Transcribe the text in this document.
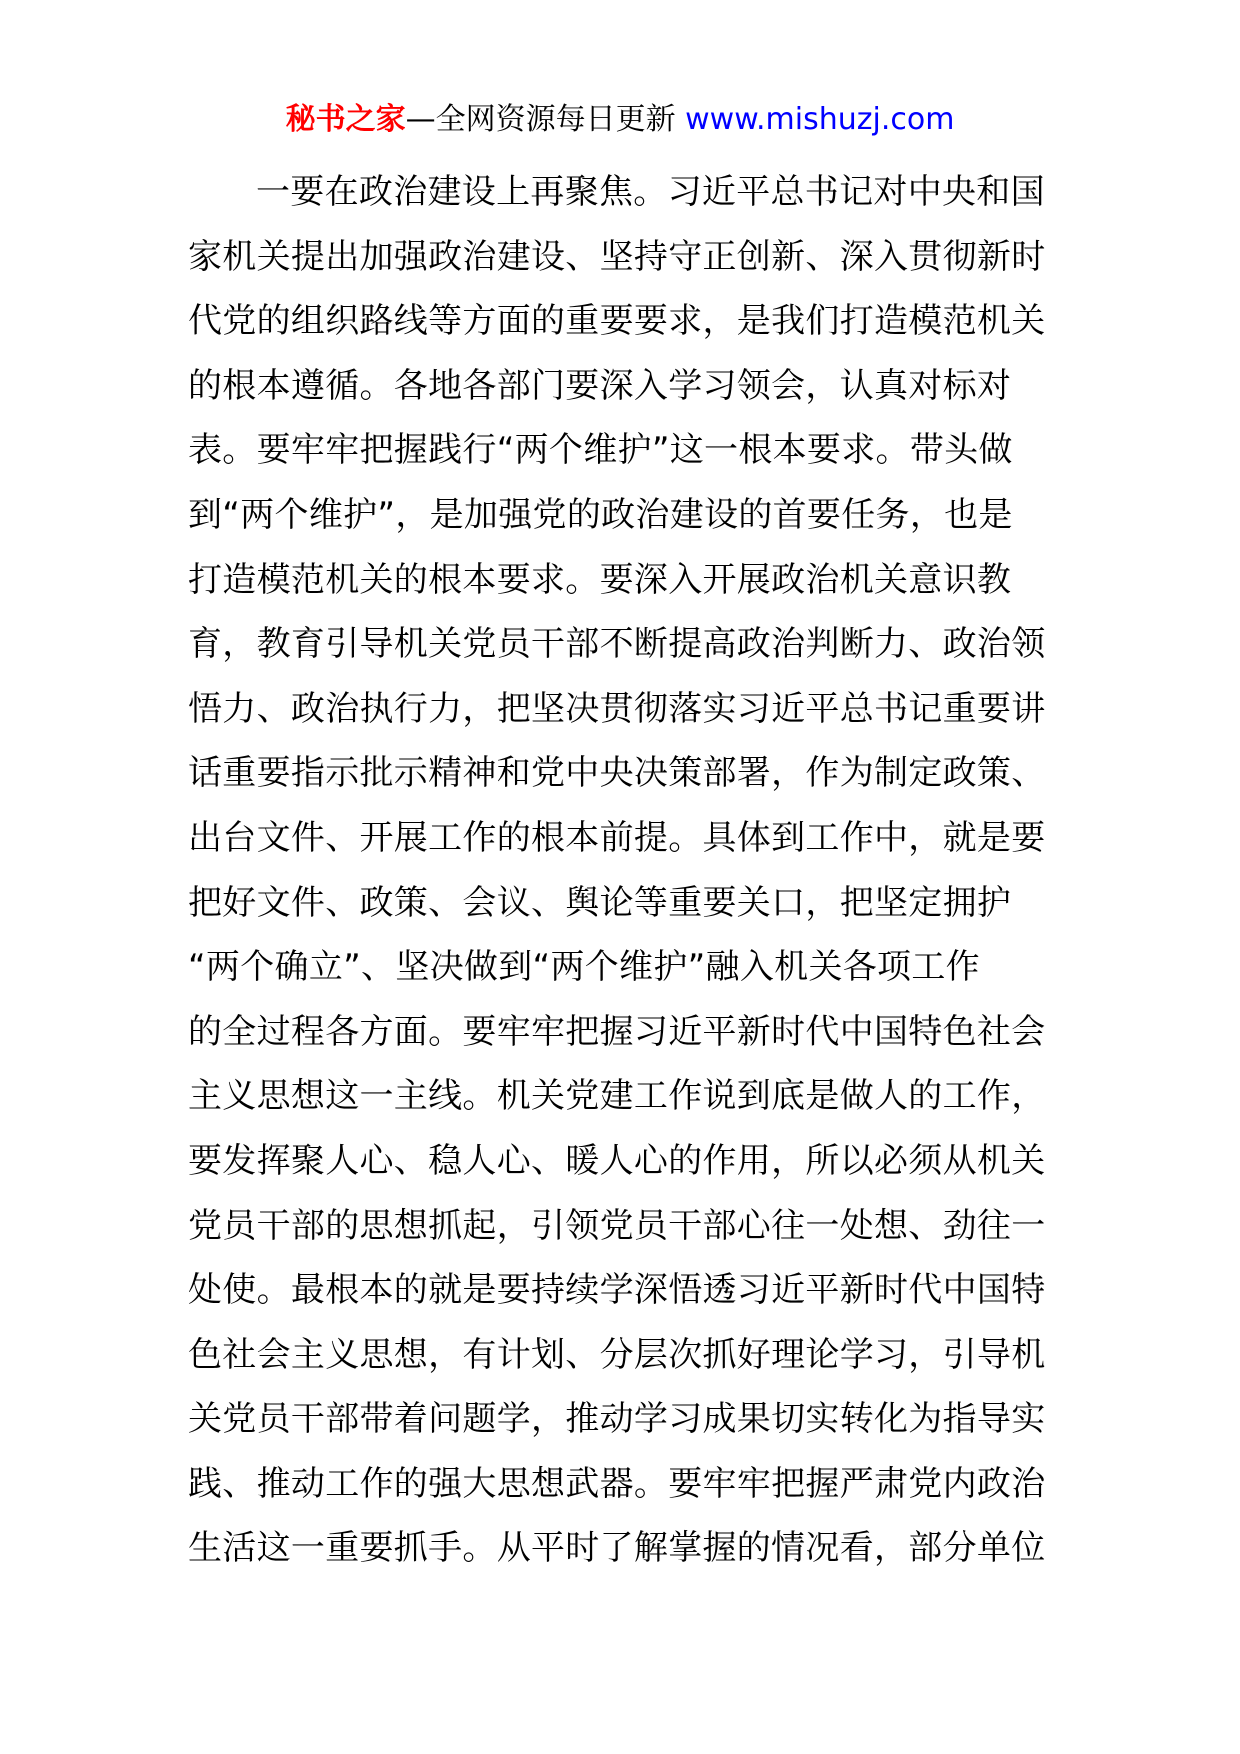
秘书之家—全网资源每日更新 www.mishuzj.com
一要在政治建设上再聚焦。习近平总书记对中央和国
家机关提出加强政治建设、坚持守正创新、深入贯彻新时
代党的组织路线等方面的重要要求，是我们打造模范机关
的根本遵循。各地各部门要深入学习领会，认真对标对
表。要牢牢把握践行“两个维护”这一根本要求。带头做
到“两个维护”，是加强党的政治建设的首要任务，也是
打造模范机关的根本要求。要深入开展政治机关意识教
育，教育引导机关党员干部不断提高政治判断力、政治领
悟力、政治执行力，把坚决贯彻落实习近平总书记重要讲
话重要指示批示精神和党中央决策部署，作为制定政策、
出台文件、开展工作的根本前提。具体到工作中，就是要
把好文件、政策、会议、舆论等重要关口，把坚定拥护
“两个确立”、坚决做到“两个维护”融入机关各项工作
的全过程各方面。要牢牢把握习近平新时代中国特色社会
主义思想这一主线。机关党建工作说到底是做人的工作，
要发挥聚人心、稳人心、暖人心的作用，所以必须从机关
党员干部的思想抓起，引领党员干部心往一处想、劲往一
处使。最根本的就是要持续学深悟透习近平新时代中国特
色社会主义思想，有计划、分层次抓好理论学习，引导机
关党员干部带着问题学，推动学习成果切实转化为指导实
践、推动工作的强大思想武器。要牢牢把握严肃党内政治
生活这一重要抓手。从平时了解掌握的情况看，部分单位
